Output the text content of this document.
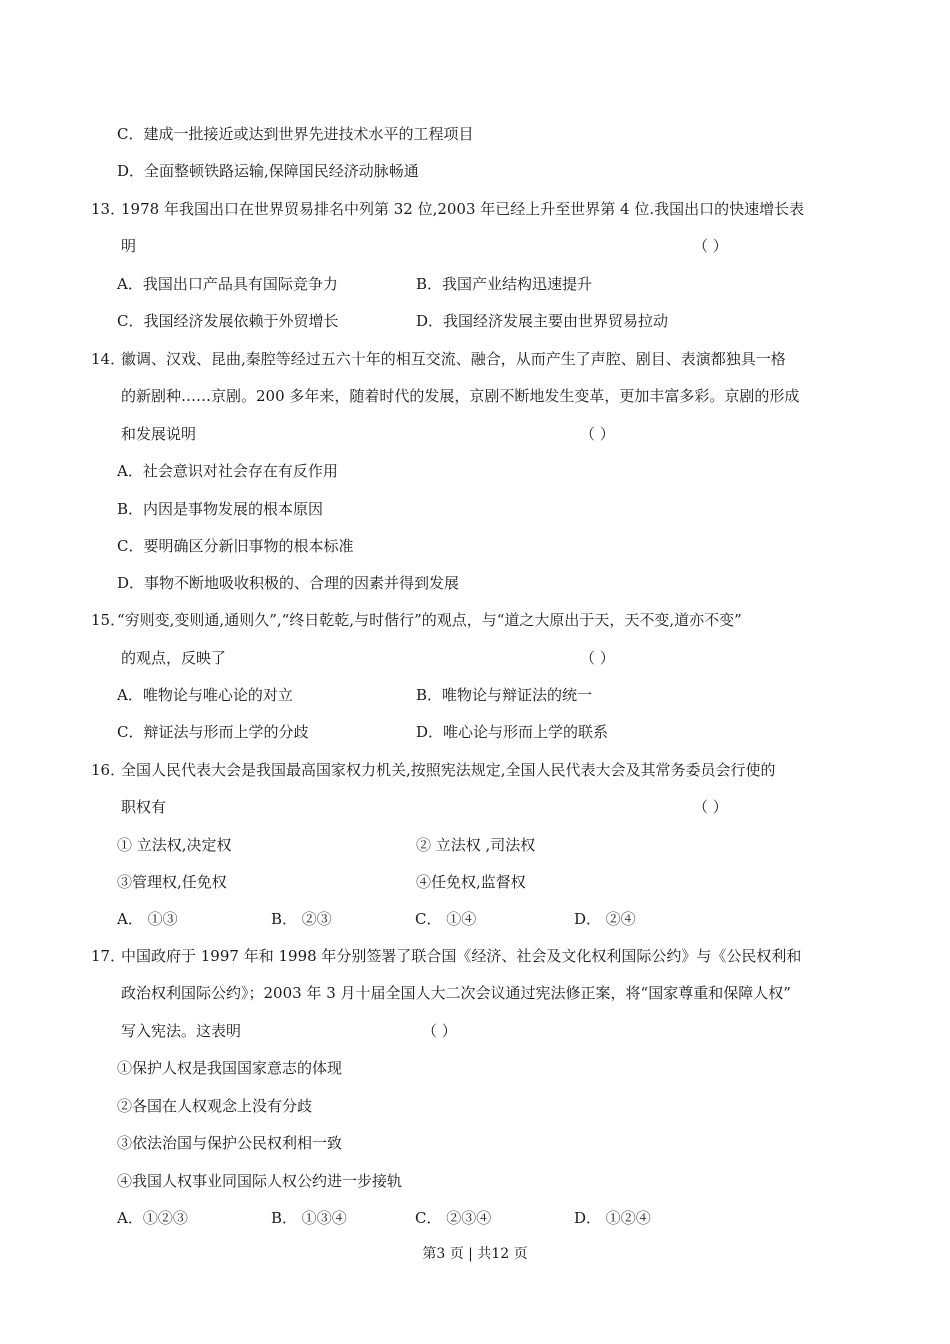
C．建成一批接近或达到世界先进技术水平的工程项目
D．全面整顿铁路运输,保障国民经济动脉畅通
13．
1978 年我国出口在世界贸易排名中列第 32 位,2003 年已经上升至世界第 4 位.我国出口的快速增长表
明	（ ）
A．我国出口产品具有国际竞争力	B．我国产业结构迅速提升
C．我国经济发展依赖于外贸增长	D．我国经济发展主要由世界贸易拉动
14．
徽调、汉戏、昆曲,秦腔等经过五六十年的相互交流、融合，从而产生了声腔、剧目、表演都独具一格
的新剧种……京剧。200 多年来，随着时代的发展，京剧不断地发生变革，更加丰富多彩。京剧的形成
和发展说明	（ ）
A．社会意识对社会存在有反作用
B．内因是事物发展的根本原因
C．要明确区分新旧事物的根本标准
D．事物不断地吸收积极的、合理的因素并得到发展
15．
“穷则变,变则通,通则久”,“终日乾乾,与时偕行”的观点，与“道之大原出于天，天不变,道亦不变”
的观点，反映了	（ ）
A．唯物论与唯心论的对立	B．唯物论与辩证法的统一
C．辩证法与形而上学的分歧	D．唯心论与形而上学的联系
16．
全国人民代表大会是我国最高国家权力机关,按照宪法规定,全国人民代表大会及其常务委员会行使的
职权有	（ ）
① 立法权,决定权	② 立法权 ,司法权
③管理权,任免权	④任免权,监督权
A． ①③	B． ②③	C． ①④	D． ②④
17．
中国政府于 1997 年和 1998 年分别签署了联合国《经济、社会及文化权利国际公约》与《公民权利和
政治权利国际公约》；2003 年 3 月十届全国人大二次会议通过宪法修正案，将“国家尊重和保障人权”
写入宪法。这表明	（ ）
①保护人权是我国国家意志的体现
②各国在人权观念上没有分歧
③依法治国与保护公民权利相一致
④我国人权事业同国际人权公约进一步接轨
A．①②③	B． ①③④	C． ②③④	D． ①②④
第3 页 | 共12 页
